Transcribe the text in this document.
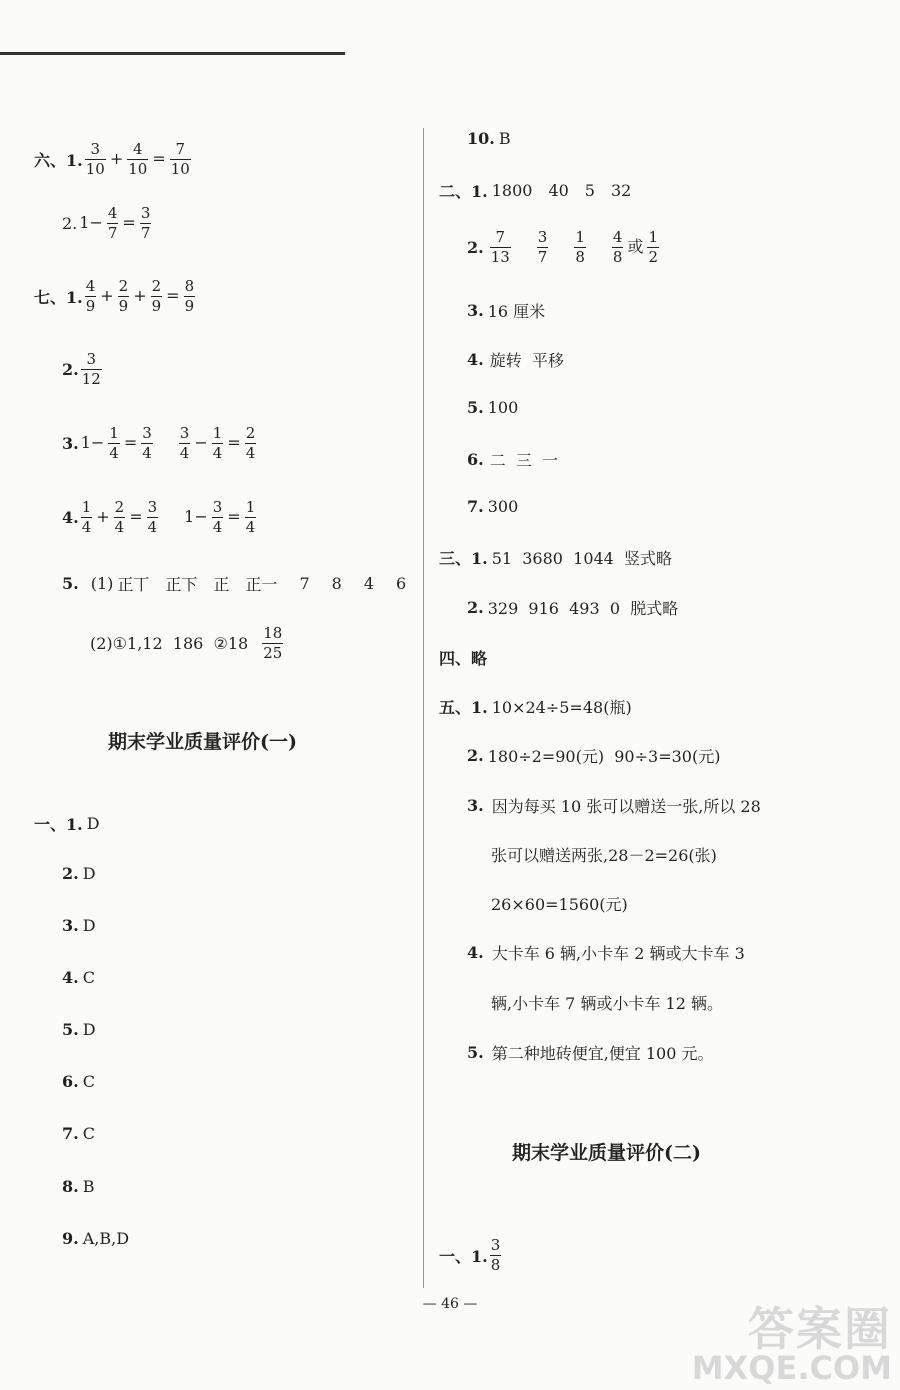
六、1. $\frac{3}{10} + \frac{4}{10} = \frac{7}{10}$
2. $1- \frac{4}{7} = \frac{3}{7}$
七、1. $\frac{4}{9} + \frac{2}{9} + \frac{2}{9} = \frac{8}{9}$
2. $\frac{3}{12}$
3. $1- \frac{1}{4} = \frac{3}{4} \frac{3}{4} - \frac{1}{4} = \frac{2}{4}$
4. $\frac{1}{4} + \frac{2}{4} = \frac{3}{4} 1- \frac{3}{4} = \frac{1}{4}$
5. (1) 正丅 正下 正 正一 7 8 4 6
(2)①1,12  186  ②18 $\frac{18}{25}$
期末学业质量评价(一)
一、1. D
2. D
3. D
4. C
5. D
6. C
7. C
8. B
9. A,B,D
10. B
二、1. 1800 40 5 32
2. $\frac{7}{13} \frac{3}{7} \frac{1}{8} \frac{4}{8}$ 或 $\frac{1}{2}$
3. 16 厘米
4. 旋转  平移
5. 100
6. 二  三  一
7. 300
三、1. 51  3680  1044  竖式略
2. 329  916  493  0  脱式略
四、略
五、1. 10×24÷5=48(瓶)
2. 180÷2=90(元)  90÷3=30(元)
3. 因为每买 10 张可以赠送一张,所以 28
张可以赠送两张,28－2=26(张)
26×60=1560(元)
4. 大卡车 6 辆,小卡车 2 辆或大卡车 3
辆,小卡车 7 辆或小卡车 12 辆。
5. 第二种地砖便宜,便宜 100 元。
期末学业质量评价(二)
一、1. $\frac{3}{8}$
— 46 —	答案圈
MXQE.COM
